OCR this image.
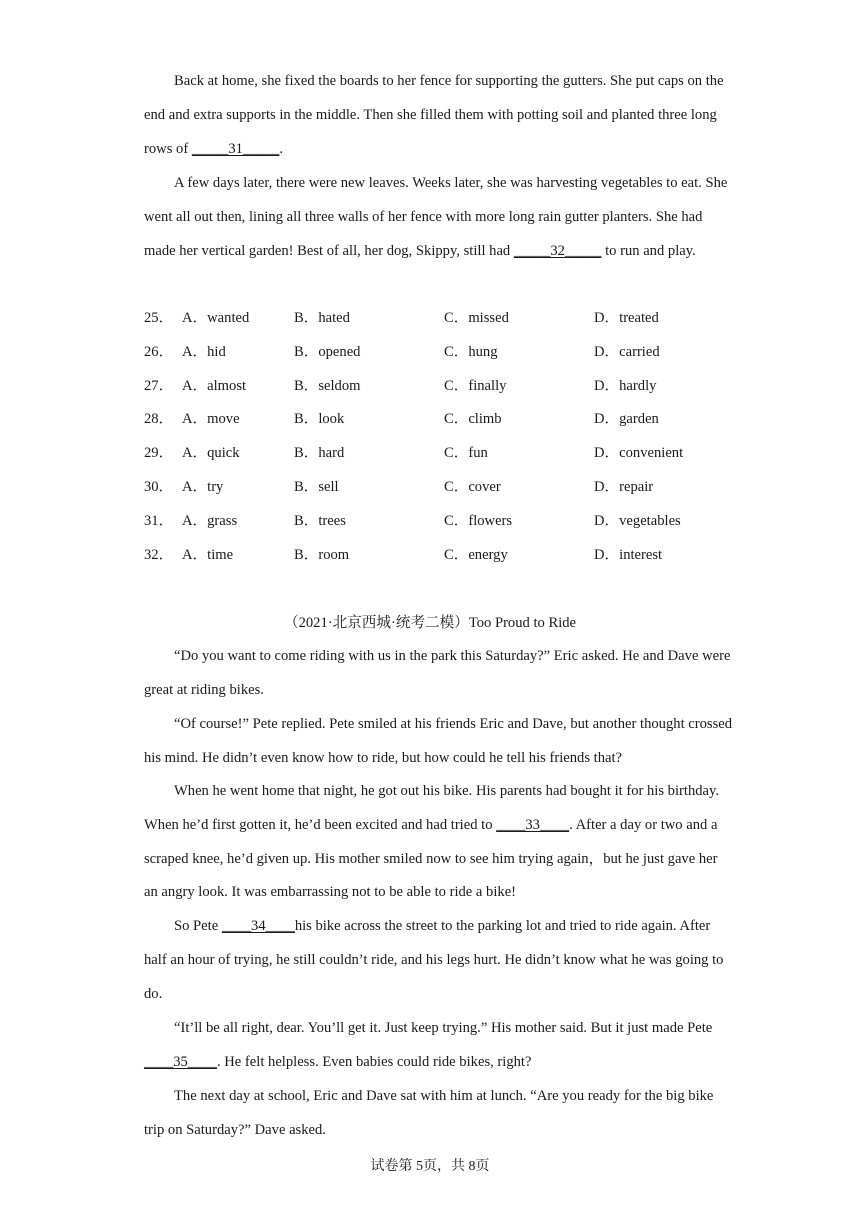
Back at home, she fixed the boards to her fence for supporting the gutters. She put caps on the end and extra supports in the middle. Then she filled them with potting soil and planted three long rows of _____31_____.

A few days later, there were new leaves. Weeks later, she was harvesting vegetables to eat. She went all out then, lining all three walls of her fence with more long rain gutter planters. She had made her vertical garden! Best of all, her dog, Skippy, still had _____32_____ to run and play.

25． A．wanted	B．hated	C．missed	D．treated
26． A．hid	B．opened	C．hung	D．carried
27． A．almost	B．seldom	C．finally	D．hardly
28． A．move	B．look	C．climb	D．garden
29． A．quick	B．hard	C．fun	D．convenient
30． A．try	B．sell	C．cover	D．repair
31． A．grass	B．trees	C．flowers	D．vegetables
32． A．time	B．room	C．energy	D．interest
（2021·北京西城·统考二模）Too Proud to Ride

“Do you want to come riding with us in the park this Saturday?” Eric asked. He and Dave were great at riding bikes.

“Of course!” Pete replied. Pete smiled at his friends Eric and Dave, but another thought crossed his mind. He didn’t even know how to ride, but how could he tell his friends that?

When he went home that night, he got out his bike. His parents had bought it for his birthday. When he’d first gotten it, he’d been excited and had tried to ____33____. After a day or two and a scraped knee, he’d given up. His mother smiled now to see him trying again，but he just gave her an angry look. It was embarrassing not to be able to ride a bike!

So Pete ____34____his bike across the street to the parking lot and tried to ride again. After half an hour of trying, he still couldn’t ride, and his legs hurt. He didn’t know what he was going to do.

“It’ll be all right, dear. You’ll get it. Just keep trying.” His mother said. But it just made Pete ____35____. He felt helpless. Even babies could ride bikes, right?

The next day at school, Eric and Dave sat with him at lunch. “Are you ready for the big bike trip on Saturday?” Dave asked.

试卷第 5页，共 8页
